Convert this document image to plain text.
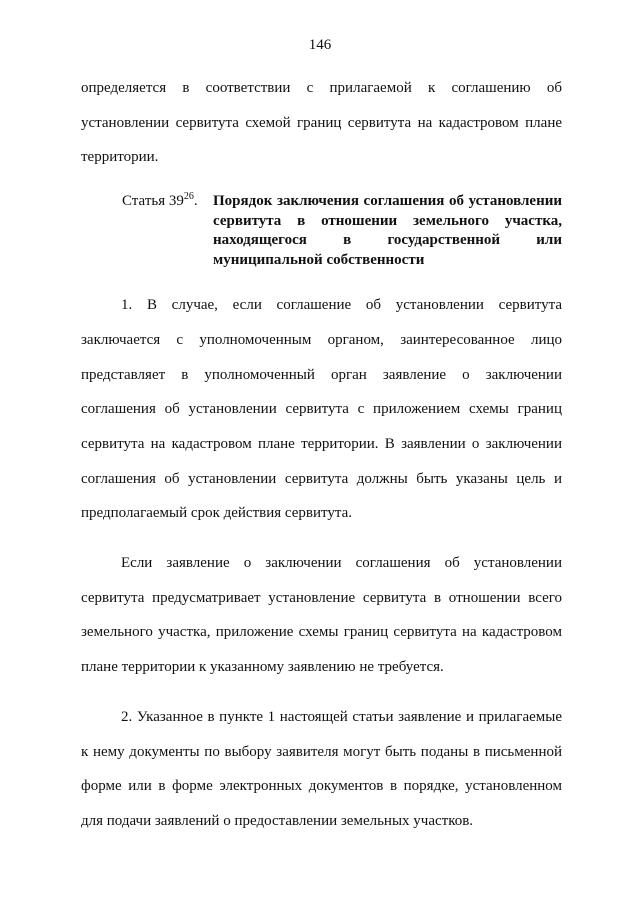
146

определяется в соответствии с прилагаемой к соглашению об установлении сервитута схемой границ сервитута на кадастровом плане территории.

Статья $39^{26}$.	Порядок заключения соглашения об установлении сервитута в отношении земельного участка, находящегося в государственной или муниципальной собственности

1. В случае, если соглашение об установлении сервитута заключается с уполномоченным органом, заинтересованное лицо представляет в уполномоченный орган заявление о заключении соглашения об установлении сервитута с приложением схемы границ сервитута на кадастровом плане территории. В заявлении о заключении соглашения об установлении сервитута должны быть указаны цель и предполагаемый срок действия сервитута.

Если заявление о заключении соглашения об установлении сервитута предусматривает установление сервитута в отношении всего земельного участка, приложение схемы границ сервитута на кадастровом плане территории к указанному заявлению не требуется.

2. Указанное в пункте 1 настоящей статьи заявление и прилагаемые к нему документы по выбору заявителя могут быть поданы в письменной форме или в форме электронных документов в порядке, установленном для подачи заявлений о предоставлении земельных участков.
